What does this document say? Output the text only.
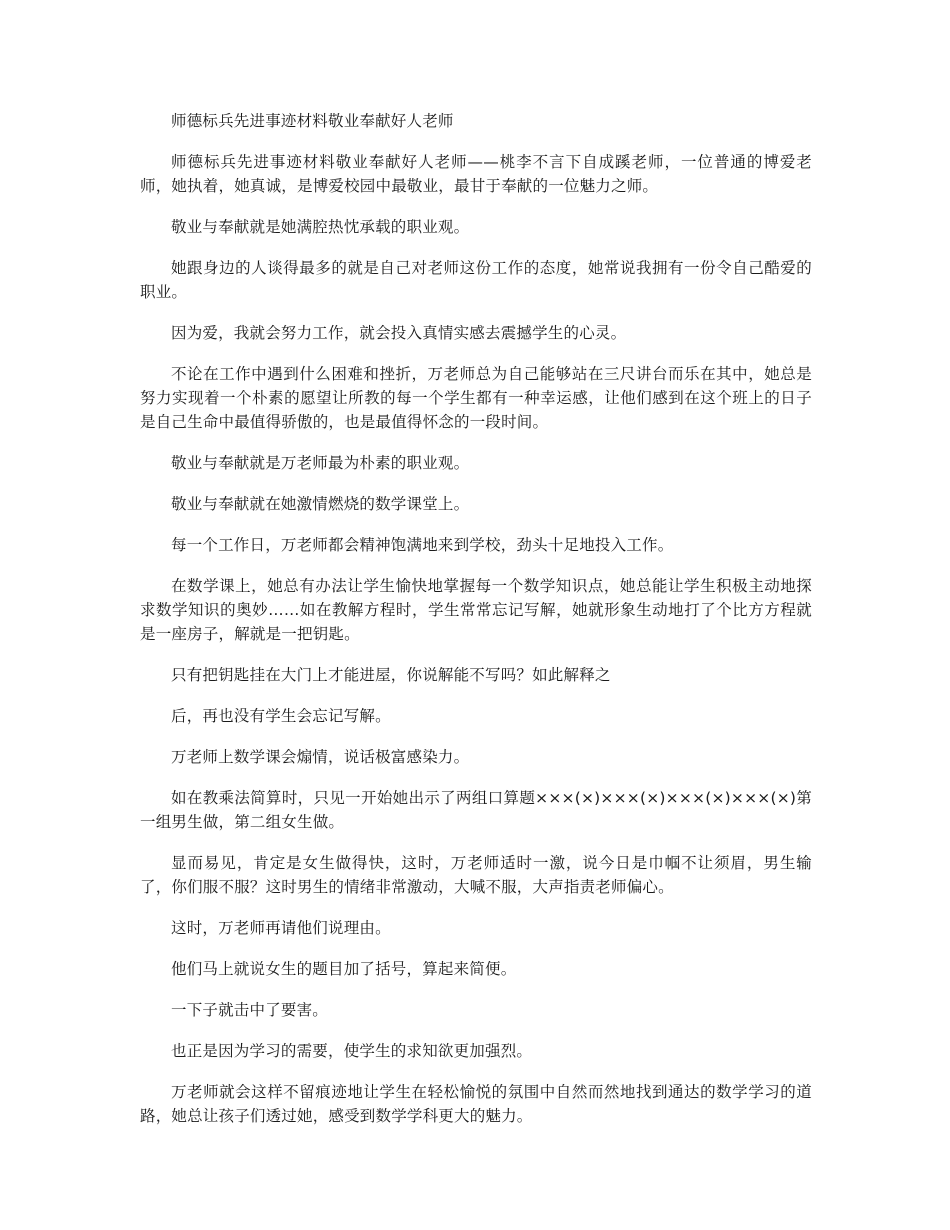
师德标兵先进事迹材料敬业奉献好人老师

师德标兵先进事迹材料敬业奉献好人老师——桃李不言下自成蹊老师，一位普通的博爱老师，她执着，她真诚，是博爱校园中最敬业，最甘于奉献的一位魅力之师。

敬业与奉献就是她满腔热忱承载的职业观。

她跟身边的人谈得最多的就是自己对老师这份工作的态度，她常说我拥有一份令自己酷爱的职业。

因为爱，我就会努力工作，就会投入真情实感去震撼学生的心灵。

不论在工作中遇到什么困难和挫折，万老师总为自己能够站在三尺讲台而乐在其中，她总是努力实现着一个朴素的愿望让所教的每一个学生都有一种幸运感，让他们感到在这个班上的日子是自己生命中最值得骄傲的，也是最值得怀念的一段时间。

敬业与奉献就是万老师最为朴素的职业观。

敬业与奉献就在她激情燃烧的数学课堂上。

每一个工作日，万老师都会精神饱满地来到学校，劲头十足地投入工作。

在数学课上，她总有办法让学生愉快地掌握每一个数学知识点，她总能让学生积极主动地探求数学知识的奥妙……如在教解方程时，学生常常忘记写解，她就形象生动地打了个比方方程就是一座房子，解就是一把钥匙。

只有把钥匙挂在大门上才能进屋，你说解能不写吗？如此解释之

后，再也没有学生会忘记写解。

万老师上数学课会煽情，说话极富感染力。

如在教乘法简算时，只见一开始她出示了两组口算题×××(×)×××(×)×××(×)×××(×)第一组男生做，第二组女生做。

显而易见，肯定是女生做得快，这时，万老师适时一激，说今日是巾帼不让须眉，男生输了，你们服不服？这时男生的情绪非常激动，大喊不服，大声指责老师偏心。

这时，万老师再请他们说理由。

他们马上就说女生的题目加了括号，算起来简便。

一下子就击中了要害。

也正是因为学习的需要，使学生的求知欲更加强烈。

万老师就会这样不留痕迹地让学生在轻松愉悦的氛围中自然而然地找到通达的数学学习的道路，她总让孩子们透过她，感受到数学学科更大的魅力。
